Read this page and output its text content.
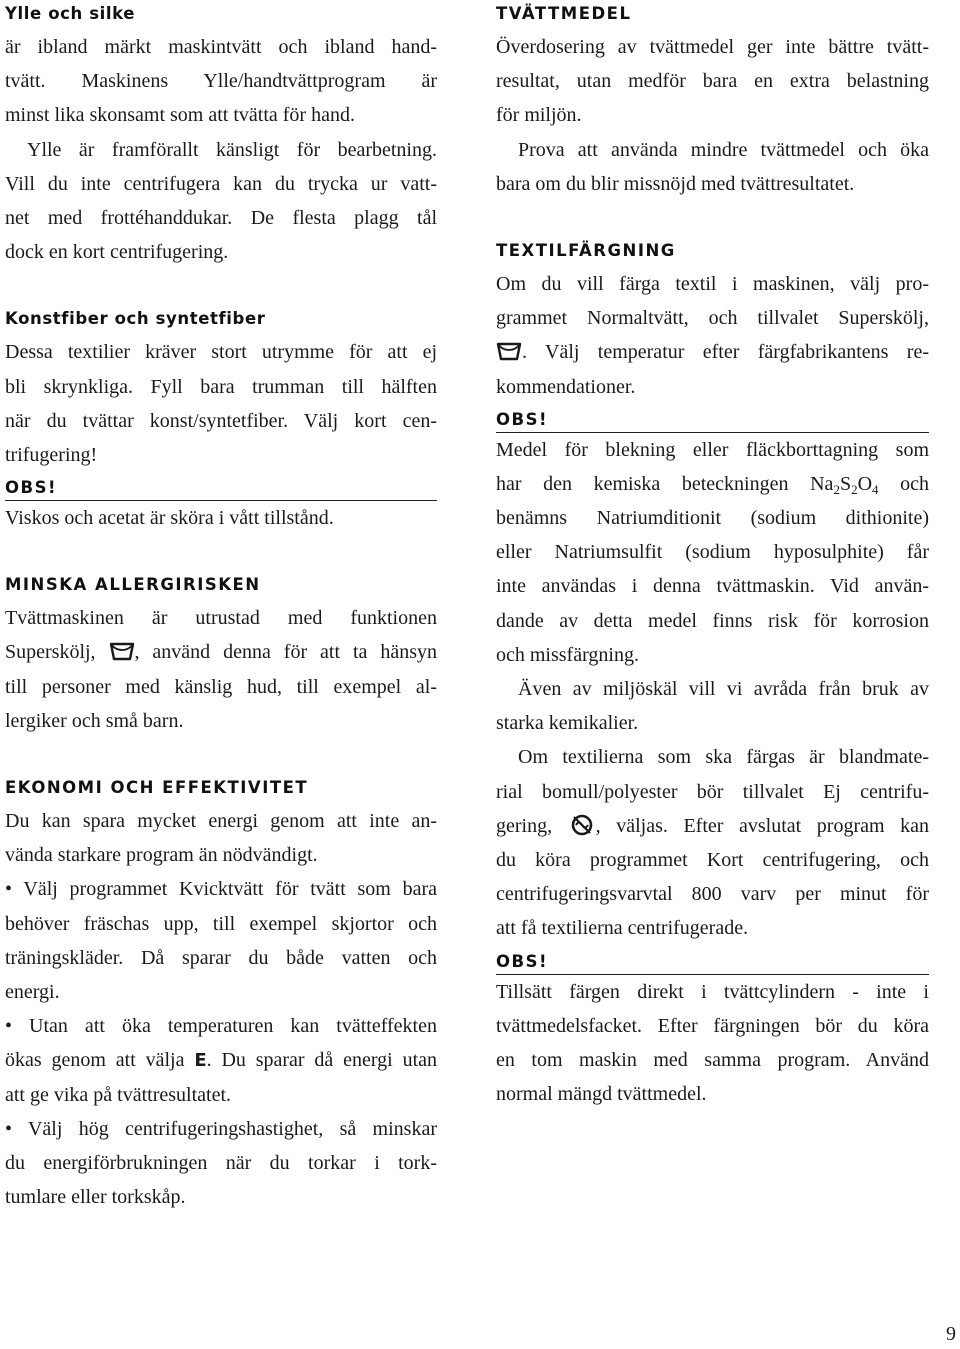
Ylle och silke
är ibland märkt maskintvätt och ibland hand-
tvätt. Maskinens Ylle/handtvättprogram är
minst lika skonsamt som att tvätta för hand.
Ylle är framförallt känsligt för bearbetning.
Vill du inte centrifugera kan du trycka ur vatt-
net med frottéhanddukar. De flesta plagg tål
dock en kort centrifugering.
Konstfiber och syntetfiber
Dessa textilier kräver stort utrymme för att ej
bli skrynkliga. Fyll bara trumman till hälften
när du tvättar konst/syntetfiber. Välj kort cen-
trifugering!
OBS!
Viskos och acetat är sköra i vått tillstånd.
MINSKA ALLERGIRISKEN
Tvättmaskinen är utrustad med funktionen
Superskölj, , använd denna för att ta hänsyn
till personer med känslig hud, till exempel al-
lergiker och små barn.
EKONOMI OCH EFFEKTIVITET
Du kan spara mycket energi genom att inte an-
vända starkare program än nödvändigt.
• Välj programmet Kvicktvätt för tvätt som bara
behöver fräschas upp, till exempel skjortor och
träningskläder. Då sparar du både vatten och
energi.
• Utan att öka temperaturen kan tvätteffekten
ökas genom att välja E. Du sparar då energi utan
att ge vika på tvättresultatet.
• Välj hög centrifugeringshastighet, så minskar
du energiförbrukningen när du torkar i tork-
tumlare eller torkskåp.
TVÄTTMEDEL
Överdosering av tvättmedel ger inte bättre tvätt-
resultat, utan medför bara en extra belastning
för miljön.
Prova att använda mindre tvättmedel och öka
bara om du blir missnöjd med tvättresultatet.
TEXTILFÄRGNING
Om du vill färga textil i maskinen, välj pro-
grammet Normaltvätt, och tillvalet Superskölj,
. Välj temperatur efter färgfabrikantens re-
kommendationer.
OBS!
Medel för blekning eller fläckborttagning som
har den kemiska beteckningen $Na_2S_2O_4$ och
benämns Natriumditionit (sodium dithionite)
eller Natriumsulfit (sodium hyposulphite) får
inte användas i denna tvättmaskin. Vid använ-
dande av detta medel finns risk för korrosion
och missfärgning.
Även av miljöskäl vill vi avråda från bruk av
starka kemikalier.
Om textilierna som ska färgas är blandmate-
rial bomull/polyester bör tillvalet Ej centrifu-
gering, , väljas. Efter avslutat program kan
du köra programmet Kort centrifugering, och
centrifugeringsvarvtal 800 varv per minut för
att få textilierna centrifugerade.
OBS!
Tillsätt färgen direkt i tvättcylindern - inte i
tvättmedelsfacket. Efter färgningen bör du köra
en tom maskin med samma program. Använd
normal mängd tvättmedel.
9
